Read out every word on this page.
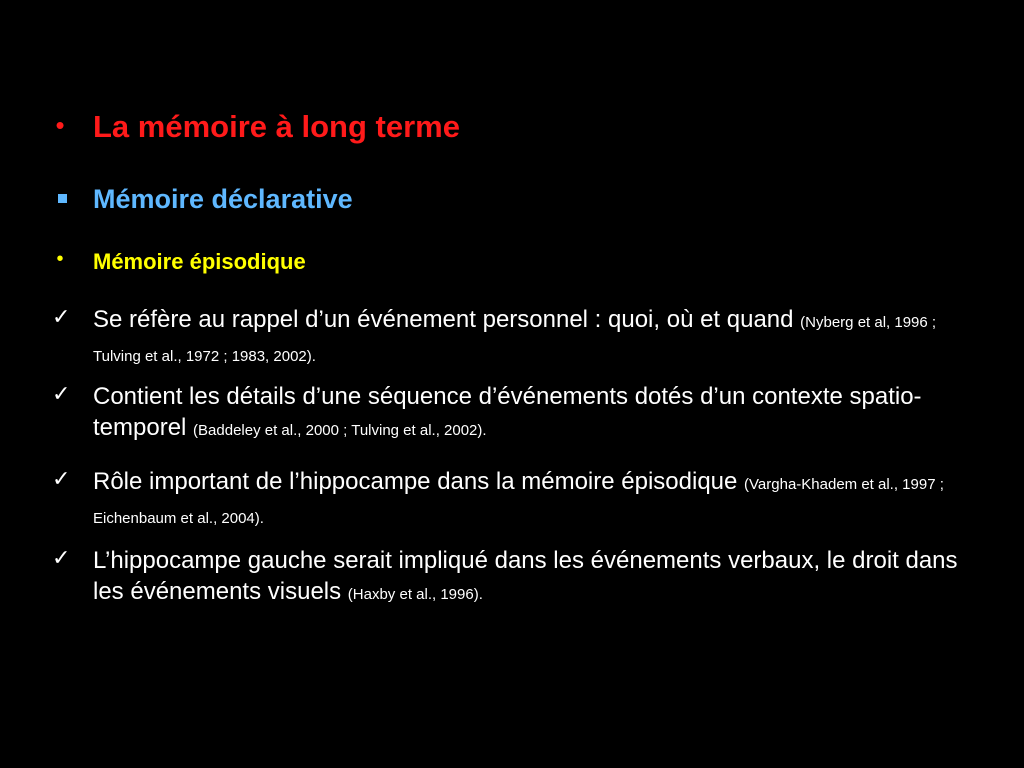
• La mémoire à long terme
Mémoire déclarative
• Mémoire épisodique
✓ Se réfère au rappel d’un événement personnel : quoi, où et quand (Nyberg et al, 1996 ; Tulving et al., 1972 ; 1983, 2002).
✓ Contient les détails d’une séquence d’événements dotés d’un contexte spatio-temporel (Baddeley et al., 2000 ; Tulving et al., 2002).
✓ Rôle important de l’hippocampe dans la mémoire épisodique (Vargha-Khadem et al., 1997 ; Eichenbaum et al., 2004).
✓ L’hippocampe gauche serait impliqué dans les événements verbaux, le droit dans les événements visuels (Haxby et al., 1996).
